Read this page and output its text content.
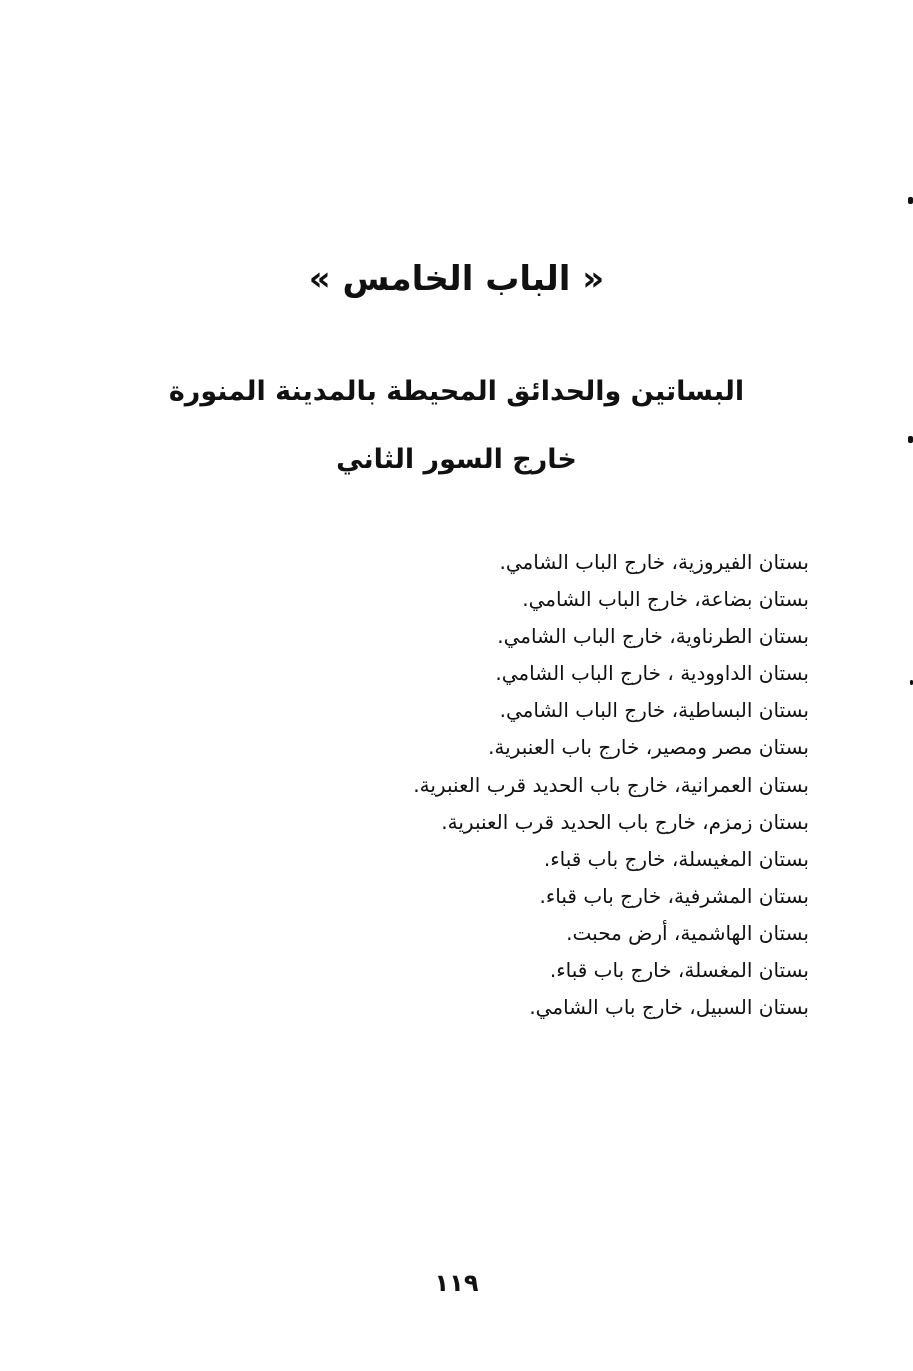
« الباب الخامس »
البساتين والحدائق المحيطة بالمدينة المنورة
خارج السور الثاني
بستان الفيروزية، خارج الباب الشامي.
بستان بضاعة، خارج الباب الشامي.
بستان الطرناوية، خارج الباب الشامي.
بستان الداوودية ، خارج الباب الشامي.
بستان البساطية، خارج الباب الشامي.
بستان مصر ومصير، خارج باب العنبرية.
بستان العمرانية، خارج باب الحديد قرب العنبرية.
بستان زمزم، خارج باب الحديد قرب العنبرية.
بستان المغيسلة، خارج باب قباء.
بستان المشرفية، خارج باب قباء.
بستان الهاشمية، أرض محبت.
بستان المغسلة، خارج باب قباء.
بستان السبيل، خارج باب الشامي.
١١٩
